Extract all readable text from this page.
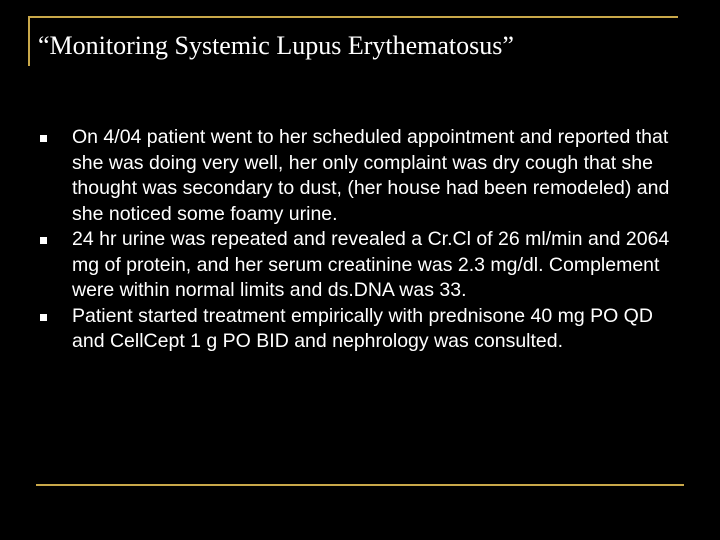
“Monitoring Systemic Lupus Erythematosus”
On 4/04 patient went to her scheduled appointment and reported that she was doing very well, her only complaint was dry cough that she thought was secondary to dust, (her house had been remodeled) and she noticed some foamy urine.
24 hr urine was repeated and revealed a Cr.Cl of 26 ml/min and 2064 mg of protein, and her serum creatinine was 2.3 mg/dl. Complement were within normal limits and ds.DNA was 33.
Patient started treatment empirically with prednisone 40 mg PO QD and CellCept 1 g PO BID and nephrology was consulted.
